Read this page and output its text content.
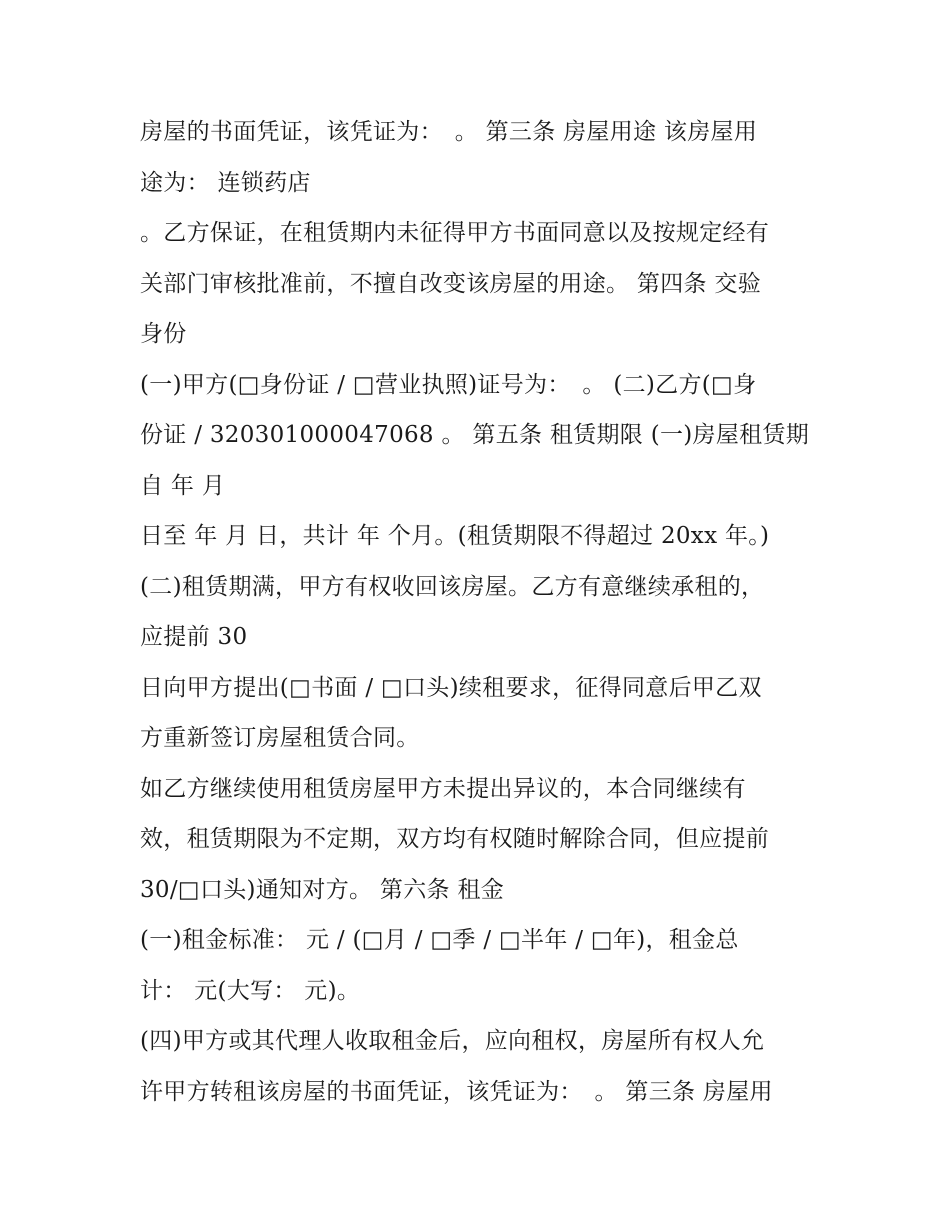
房屋的书面凭证，该凭证为：　。 第三条 房屋用途 该房屋用
途为： 连锁药店
。乙方保证，在租赁期内未征得甲方书面同意以及按规定经有
关部门审核批准前，不擅自改变该房屋的用途。 第四条 交验
身份
(一)甲方(□身份证 / □营业执照)证号为：　。 (二)乙方(□身
份证 / 320301000047068 。 第五条 租赁期限 (一)房屋租赁期
自 年 月
日至 年 月 日，共计 年 个月。(租赁期限不得超过 20xx 年。)
(二)租赁期满，甲方有权收回该房屋。乙方有意继续承租的，
应提前 30
日向甲方提出(□书面 / □口头)续租要求，征得同意后甲乙双
方重新签订房屋租赁合同。
如乙方继续使用租赁房屋甲方未提出异议的，本合同继续有
效，租赁期限为不定期，双方均有权随时解除合同，但应提前
30/□口头)通知对方。 第六条 租金
(一)租金标准： 元 / (□月 / □季 / □半年 / □年)，租金总
计： 元(大写： 元)。
(四)甲方或其代理人收取租金后，应向租权，房屋所有权人允
许甲方转租该房屋的书面凭证，该凭证为：　。 第三条 房屋用
